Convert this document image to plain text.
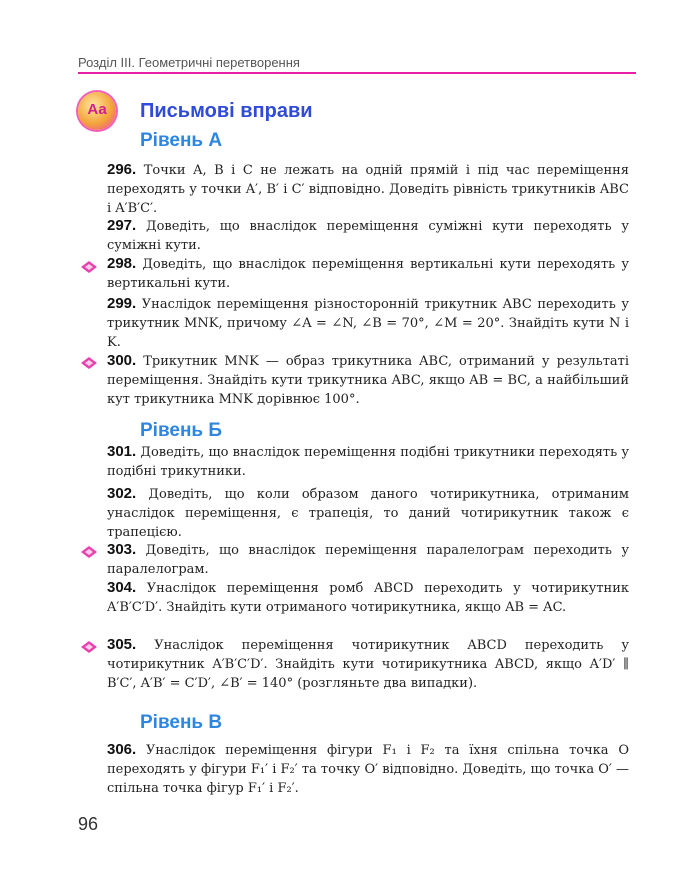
Розділ III. Геометричні перетворення
Аа	Письмові вправи
Рівень А
296. Точки A, B і C не лежать на одній прямій і під час переміщення переходять у точки A′, B′ і C′ відповідно. Доведіть рівність трикутників ABC і A′B′C′.
297. Доведіть, що внаслідок переміщення суміжні кути переходять у суміжні кути.
298. Доведіть, що внаслідок переміщення вертикальні кути переходять у вертикальні кути.
299. Унаслідок переміщення різносторонній трикутник ABC переходить у трикутник MNK, причому ∠A = ∠N, ∠B = 70°, ∠M = 20°. Знайдіть кути N і K.
300. Трикутник MNK — образ трикутника ABC, отриманий у результаті переміщення. Знайдіть кути трикутника ABC, якщо AB = BC, а найбільший кут трикутника MNK дорівнює 100°.
Рівень Б
301. Доведіть, що внаслідок переміщення подібні трикутники переходять у подібні трикутники.
302. Доведіть, що коли образом даного чотирикутника, отриманим унаслідок переміщення, є трапеція, то даний чотирикутник також є трапецією.
303. Доведіть, що внаслідок переміщення паралелограм переходить у паралелограм.
304. Унаслідок переміщення ромб ABCD переходить у чотирикутник A′B′C′D′. Знайдіть кути отриманого чотирикутника, якщо AB = AC.
305. Унаслідок переміщення чотирикутник ABCD переходить у чотирикутник A′B′C′D′. Знайдіть кути чотирикутника ABCD, якщо A′D′ ∥ B′C′, A′B′ = C′D′, ∠B′ = 140° (розгляньте два випадки).
Рівень В
306. Унаслідок переміщення фігури F₁ і F₂ та їхня спільна точка O переходять у фігури F₁′ і F₂′ та точку O′ відповідно. Доведіть, що точка O′ — спільна точка фігур F₁′ і F₂′.
96
